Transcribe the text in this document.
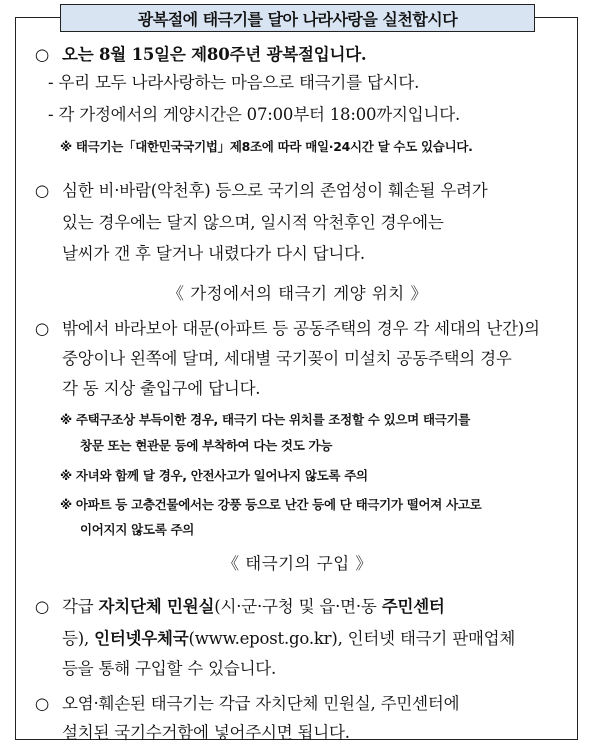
광복절에 태극기를 달아 나라사랑을 실천합시다
○ 오는 8월 15일은 제80주년 광복절입니다.
- 우리 모두 나라사랑하는 마음으로 태극기를 답시다.
- 각 가정에서의 게양시간은 07:00부터 18:00까지입니다.
※ 태극기는「대한민국국기법」제8조에 따라 매일·24시간 달 수도 있습니다.
○ 심한 비·바람(악천후) 등으로 국기의 존엄성이 훼손될 우려가
있는 경우에는 달지 않으며, 일시적 악천후인 경우에는
날씨가 갠 후 달거나 내렸다가 다시 답니다.
《 가정에서의 태극기 게양 위치 》
○ 밖에서 바라보아 대문(아파트 등 공동주택의 경우 각 세대의 난간)의
중앙이나 왼쪽에 달며, 세대별 국기꽂이 미설치 공동주택의 경우
각 동 지상 출입구에 답니다.
※ 주택구조상 부득이한 경우, 태극기 다는 위치를 조정할 수 있으며 태극기를
창문 또는 현관문 등에 부착하여 다는 것도 가능
※ 자녀와 함께 달 경우, 안전사고가 일어나지 않도록 주의
※ 아파트 등 고층건물에서는 강풍 등으로 난간 등에 단 태극기가 떨어져 사고로
이어지지 않도록 주의
《 태극기의 구입 》
○ 각급 자치단체 민원실(시·군·구청 및 읍·면·동 주민센터
등), 인터넷우체국(www.epost.go.kr), 인터넷 태극기 판매업체
등을 통해 구입할 수 있습니다.
○ 오염·훼손된 태극기는 각급 자치단체 민원실, 주민센터에
설치된 국기수거함에 넣어주시면 됩니다.
